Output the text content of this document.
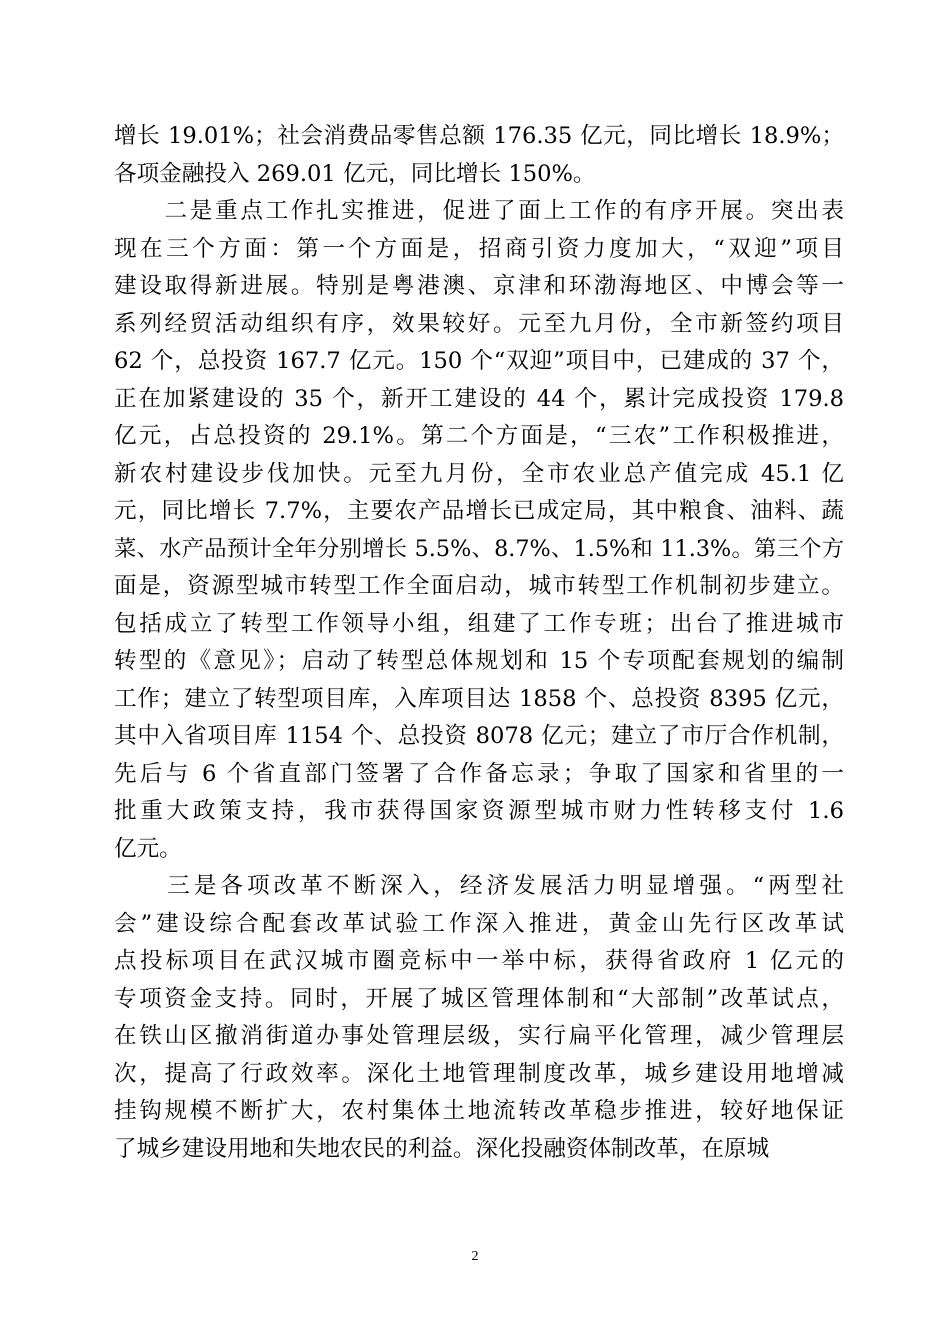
增长 19.01%；社会消费品零售总额 176.35 亿元，同比增长 18.9%；
各项金融投入 269.01 亿元，同比增长 150%。
　　二是重点工作扎实推进，促进了面上工作的有序开展。突出表
现在三个方面：第一个方面是，招商引资力度加大，“双迎”项目
建设取得新进展。特别是粤港澳、京津和环渤海地区、中博会等一
系列经贸活动组织有序，效果较好。元至九月份，全市新签约项目
62 个，总投资 167.7 亿元。150 个“双迎”项目中，已建成的 37 个，
正在加紧建设的 35 个，新开工建设的 44 个，累计完成投资 179.8
亿元，占总投资的 29.1%。第二个方面是，“三农”工作积极推进，
新农村建设步伐加快。元至九月份，全市农业总产值完成 45.1 亿
元，同比增长 7.7%，主要农产品增长已成定局，其中粮食、油料、蔬
菜、水产品预计全年分别增长 5.5%、8.7%、1.5%和 11.3%。第三个方
面是，资源型城市转型工作全面启动，城市转型工作机制初步建立。
包括成立了转型工作领导小组，组建了工作专班；出台了推进城市
转型的《意见》；启动了转型总体规划和 15 个专项配套规划的编制
工作；建立了转型项目库，入库项目达 1858 个、总投资 8395 亿元，
其中入省项目库 1154 个、总投资 8078 亿元；建立了市厅合作机制，
先后与 6 个省直部门签署了合作备忘录；争取了国家和省里的一
批重大政策支持，我市获得国家资源型城市财力性转移支付 1.6
亿元。
　　三是各项改革不断深入，经济发展活力明显增强。“两型社
会”建设综合配套改革试验工作深入推进，黄金山先行区改革试
点投标项目在武汉城市圈竞标中一举中标，获得省政府 1 亿元的
专项资金支持。同时，开展了城区管理体制和“大部制”改革试点，
在铁山区撤消街道办事处管理层级，实行扁平化管理，减少管理层
次，提高了行政效率。深化土地管理制度改革，城乡建设用地增减
挂钩规模不断扩大，农村集体土地流转改革稳步推进，较好地保证
了城乡建设用地和失地农民的利益。深化投融资体制改革，在原城
2
